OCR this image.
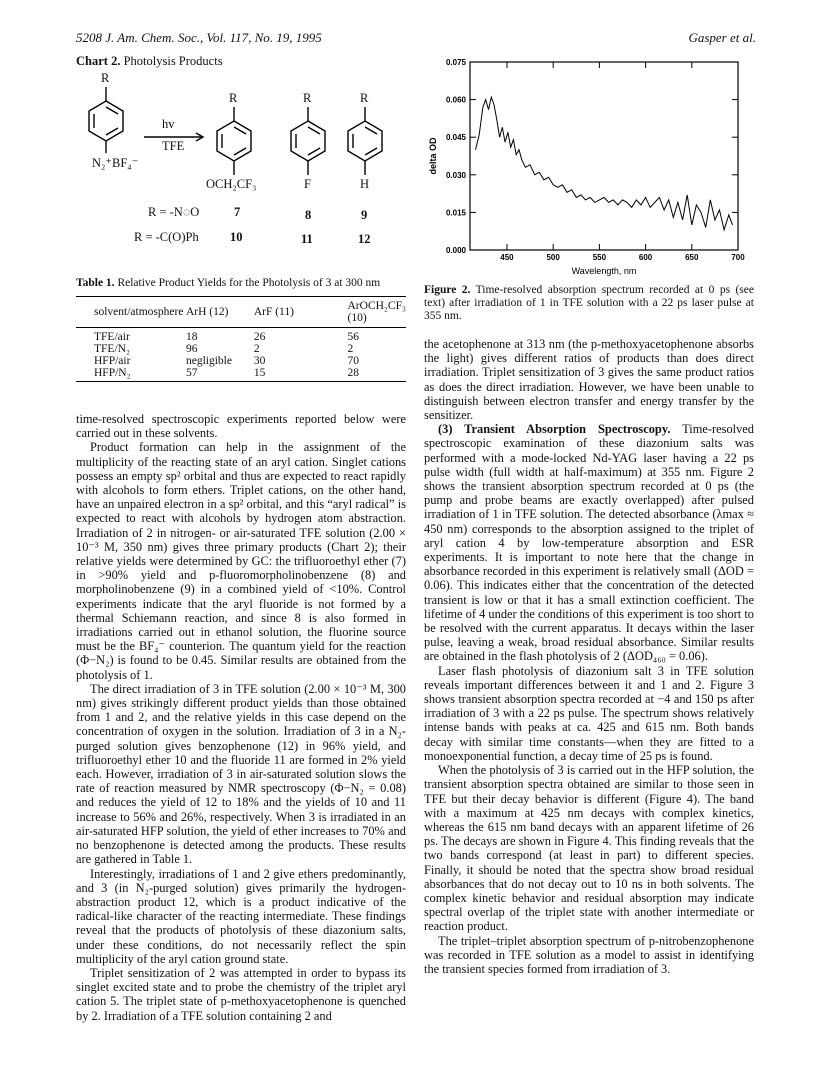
5208 J. Am. Chem. Soc., Vol. 117, No. 19, 1995	Gasper et al.
Chart 2. Photolysis Products
R
R	R	R
hv
TFE
N₂⁺BF₄⁻
OCH₂CF₃	F	H
R = -N◌O	7	8	9
R = -C(O)Ph	10	11	12
Table 1. Relative Product Yields for the Photolysis of 3 at 300 nm
solvent/atmosphere	ArH (12)	ArF (11)	ArOCH₂CF₃ (10)
TFE/air	18	26	56
TFE/N₂	96	2	2
HFP/air	negligible	30	70
HFP/N₂	57	15	28

time-resolved spectroscopic experiments reported below were carried out in these solvents.

Product formation can help in the assignment of the multiplicity of the reacting state of an aryl cation. Singlet cations possess an empty sp² orbital and thus are expected to react rapidly with alcohols to form ethers. Triplet cations, on the other hand, have an unpaired electron in a sp² orbital, and this “aryl radical” is expected to react with alcohols by hydrogen atom abstraction. Irradiation of 2 in nitrogen- or air-saturated TFE solution (2.00 × 10⁻³ M, 350 nm) gives three primary products (Chart 2); their relative yields were determined by GC: the trifluoroethyl ether (7) in >90% yield and p-fluoromorpholinobenzene (8) and morpholinobenzene (9) in a combined yield of <10%. Control experiments indicate that the aryl fluoride is not formed by a thermal Schiemann reaction, and since 8 is also formed in irradiations carried out in ethanol solution, the fluorine source must be the BF₄⁻ counterion. The quantum yield for the reaction (Φ−N₂) is found to be 0.45. Similar results are obtained from the photolysis of 1.

The direct irradiation of 3 in TFE solution (2.00 × 10⁻³ M, 300 nm) gives strikingly different product yields than those obtained from 1 and 2, and the relative yields in this case depend on the concentration of oxygen in the solution. Irradiation of 3 in a N₂-purged solution gives benzophenone (12) in 96% yield, and trifluoroethyl ether 10 and the fluoride 11 are formed in 2% yield each. However, irradiation of 3 in air-saturated solution slows the rate of reaction measured by NMR spectroscopy (Φ−N₂ = 0.08) and reduces the yield of 12 to 18% and the yields of 10 and 11 increase to 56% and 26%, respectively. When 3 is irradiated in an air-saturated HFP solution, the yield of ether increases to 70% and no benzophenone is detected among the products. These results are gathered in Table 1.

Interestingly, irradiations of 1 and 2 give ethers predominantly, and 3 (in N₂-purged solution) gives primarily the hydrogen-abstraction product 12, which is a product indicative of the radical-like character of the reacting intermediate. These findings reveal that the products of photolysis of these diazonium salts, under these conditions, do not necessarily reflect the spin multiplicity of the aryl cation ground state.

Triplet sensitization of 2 was attempted in order to bypass its singlet excited state and to probe the chemistry of the triplet aryl cation 5. The triplet state of p-methoxyacetophenone is quenched by 2. Irradiation of a TFE solution containing 2 and

0.000
0.015
0.030
0.045
0.060
0.075
450	500	550	600	650	700
Wavelength, nm
delta OD
Figure 2. Time-resolved absorption spectrum recorded at 0 ps (see text) after irradiation of 1 in TFE solution with a 22 ps laser pulse at 355 nm.

the acetophenone at 313 nm (the p-methoxyacetophenone absorbs the light) gives different ratios of products than does direct irradiation. Triplet sensitization of 3 gives the same product ratios as does the direct irradiation. However, we have been unable to distinguish between electron transfer and energy transfer by the sensitizer.

(3) Transient Absorption Spectroscopy. Time-resolved spectroscopic examination of these diazonium salts was performed with a mode-locked Nd-YAG laser having a 22 ps pulse width (full width at half-maximum) at 355 nm. Figure 2 shows the transient absorption spectrum recorded at 0 ps (the pump and probe beams are exactly overlapped) after pulsed irradiation of 1 in TFE solution. The detected absorbance (λmax ≈ 450 nm) corresponds to the absorption assigned to the triplet of aryl cation 4 by low-temperature absorption and ESR experiments. It is important to note here that the change in absorbance recorded in this experiment is relatively small (ΔOD = 0.06). This indicates either that the concentration of the detected transient is low or that it has a small extinction coefficient. The lifetime of 4 under the conditions of this experiment is too short to be resolved with the current apparatus. It decays within the laser pulse, leaving a weak, broad residual absorbance. Similar results are obtained in the flash photolysis of 2 (ΔOD₄₆₀ = 0.06).

Laser flash photolysis of diazonium salt 3 in TFE solution reveals important differences between it and 1 and 2. Figure 3 shows transient absorption spectra recorded at −4 and 150 ps after irradiation of 3 with a 22 ps pulse. The spectrum shows relatively intense bands with peaks at ca. 425 and 615 nm. Both bands decay with similar time constants—when they are fitted to a monoexponential function, a decay time of 25 ps is found.

When the photolysis of 3 is carried out in the HFP solution, the transient absorption spectra obtained are similar to those seen in TFE but their decay behavior is different (Figure 4). The band with a maximum at 425 nm decays with complex kinetics, whereas the 615 nm band decays with an apparent lifetime of 26 ps. The decays are shown in Figure 4. This finding reveals that the two bands correspond (at least in part) to different species. Finally, it should be noted that the spectra show broad residual absorbances that do not decay out to 10 ns in both solvents. The complex kinetic behavior and residual absorption may indicate spectral overlap of the triplet state with another intermediate or reaction product.

The triplet–triplet absorption spectrum of p-nitrobenzophenone was recorded in TFE solution as a model to assist in identifying the transient species formed from irradiation of 3.
